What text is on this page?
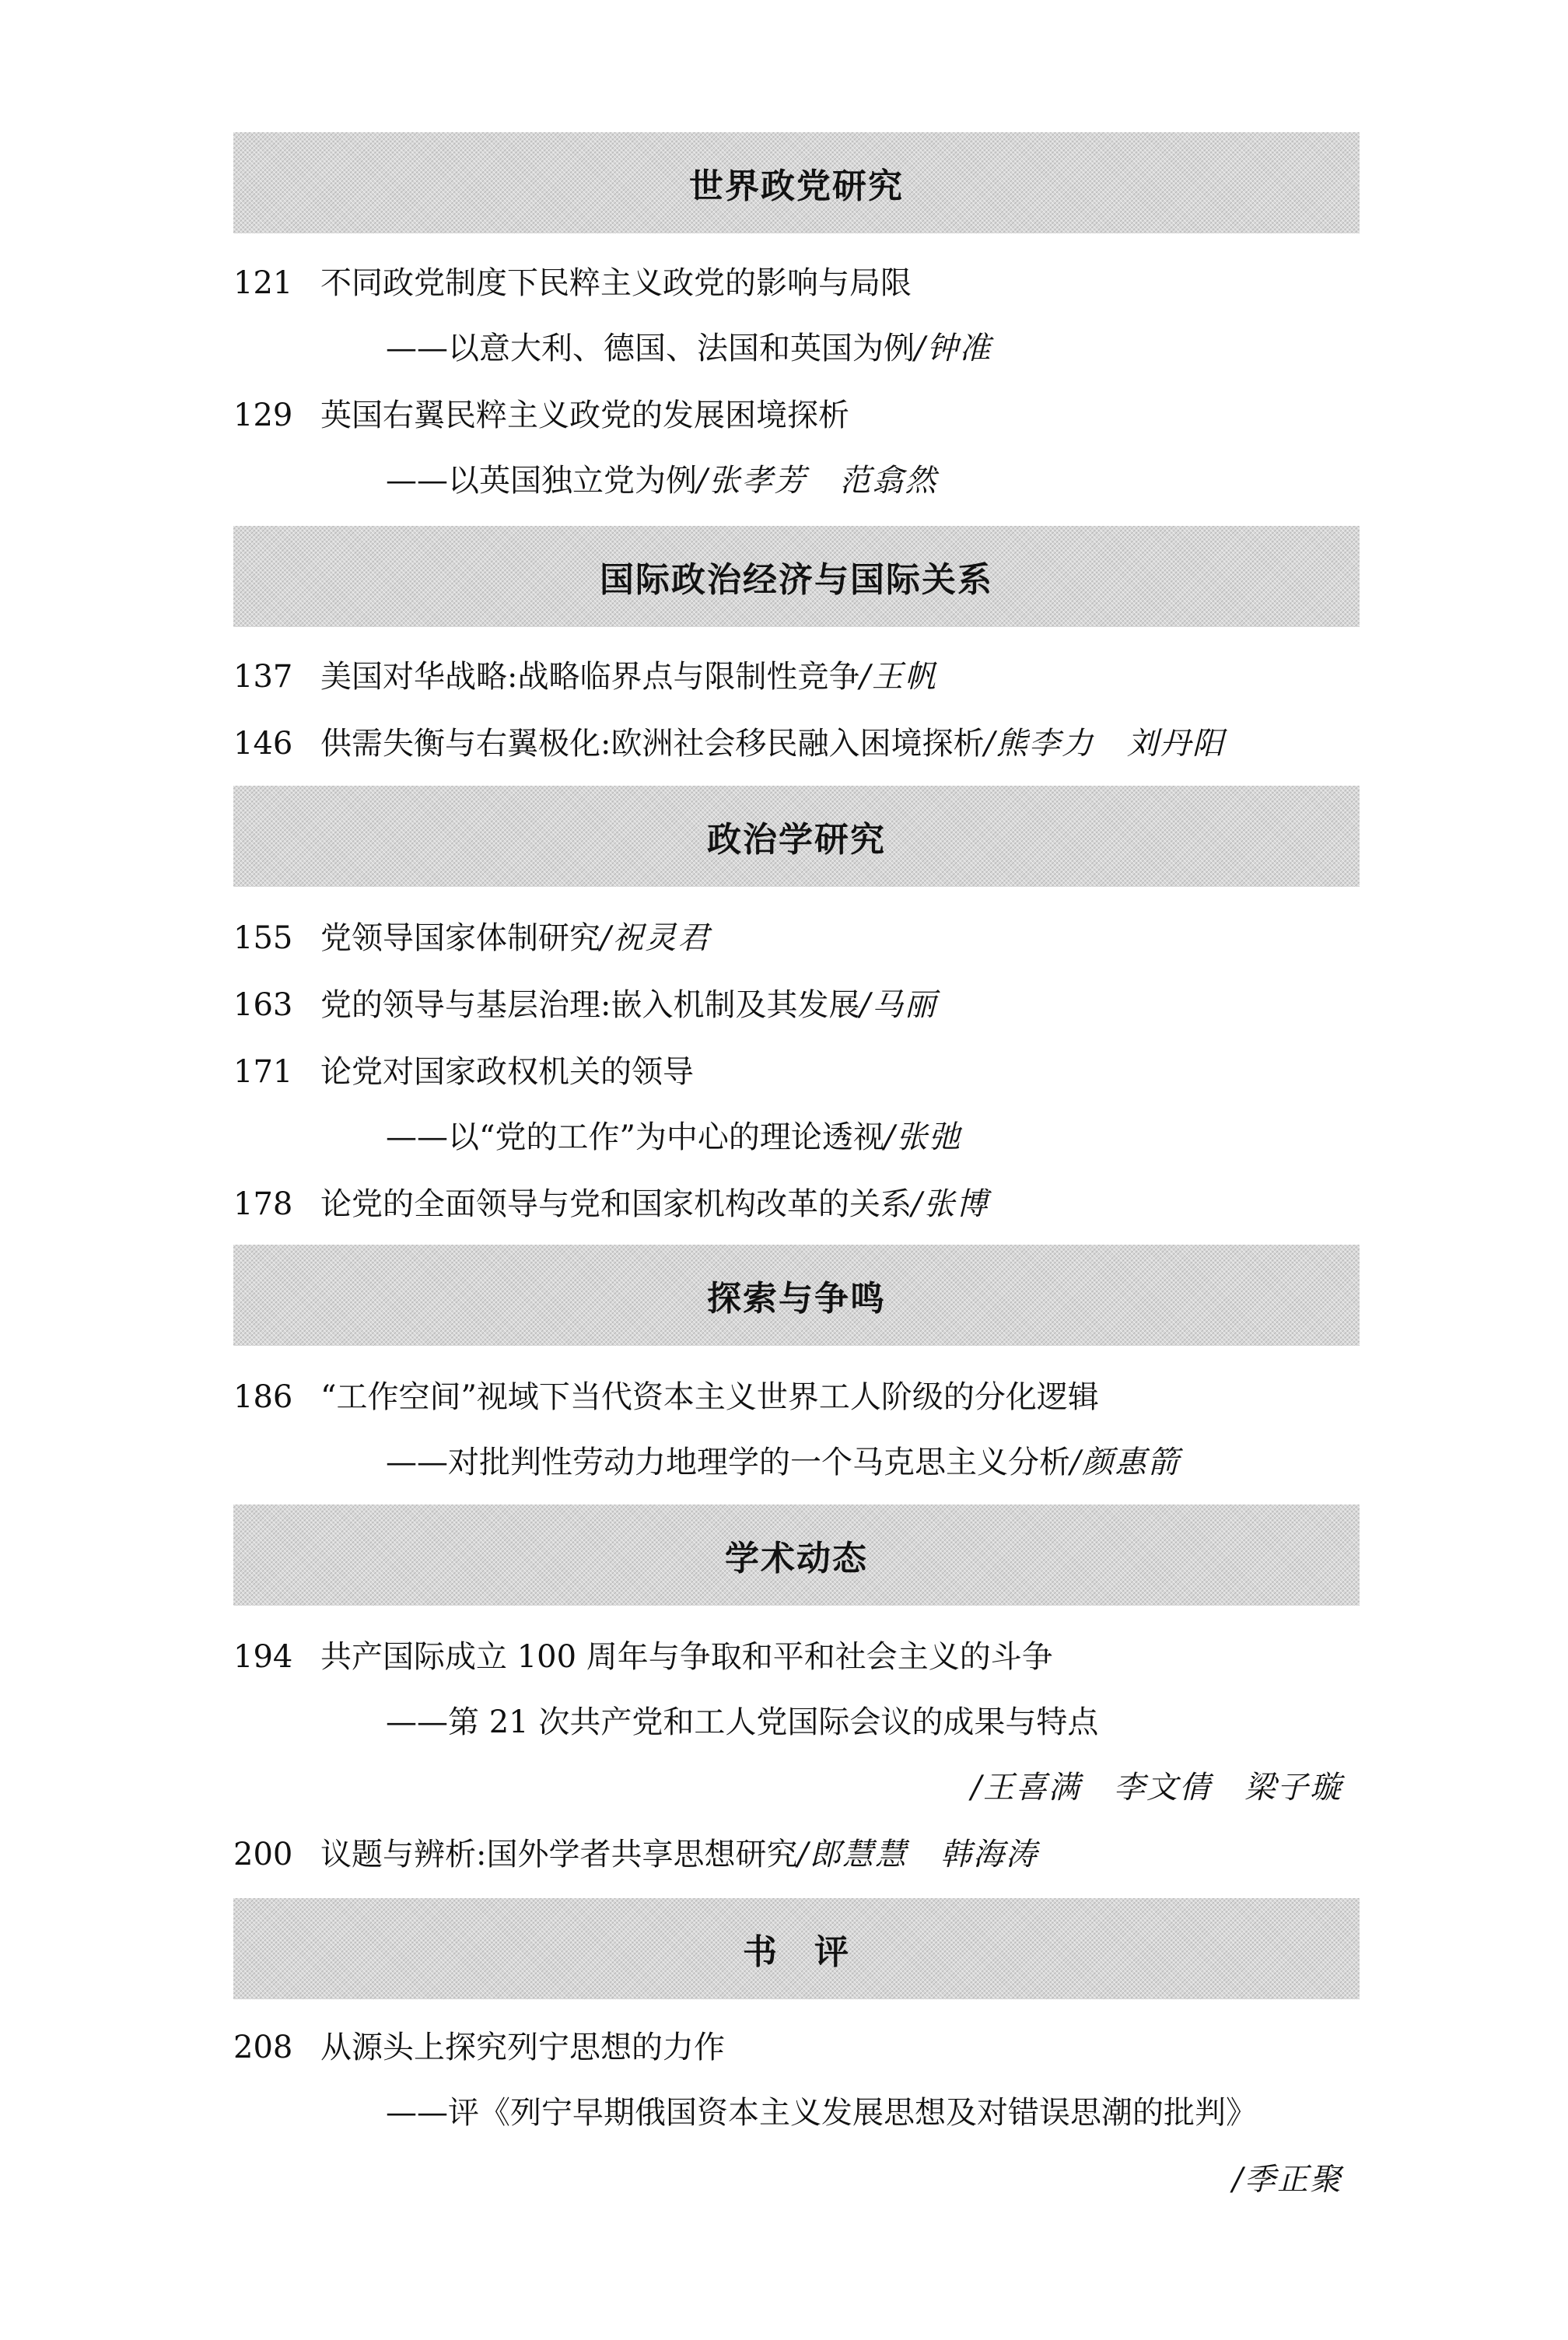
世界政党研究
121 不同政党制度下民粹主义政党的影响与局限
——以意大利、德国、法国和英国为例/钟准
129 英国右翼民粹主义政党的发展困境探析
——以英国独立党为例/张孝芳　范翕然
国际政治经济与国际关系
137 美国对华战略:战略临界点与限制性竞争/王帆
146 供需失衡与右翼极化:欧洲社会移民融入困境探析/熊李力　刘丹阳
政治学研究
155 党领导国家体制研究/祝灵君
163 党的领导与基层治理:嵌入机制及其发展/马丽
171 论党对国家政权机关的领导
——以“党的工作”为中心的理论透视/张弛
178 论党的全面领导与党和国家机构改革的关系/张博
探索与争鸣
186 “工作空间”视域下当代资本主义世界工人阶级的分化逻辑
——对批判性劳动力地理学的一个马克思主义分析/颜惠箭
学术动态
194 共产国际成立 100 周年与争取和平和社会主义的斗争
——第 21 次共产党和工人党国际会议的成果与特点
/王喜满　李文倩　梁子璇
200 议题与辨析:国外学者共享思想研究/郎慧慧　韩海涛
书　评
208 从源头上探究列宁思想的力作
——评《列宁早期俄国资本主义发展思想及对错误思潮的批判》
/季正聚
